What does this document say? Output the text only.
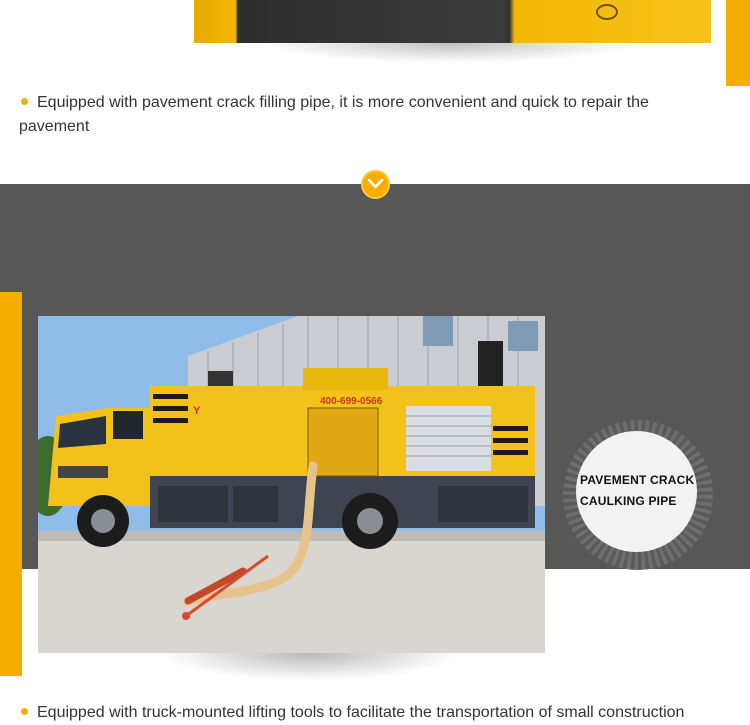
Equipped with pavement crack filling pipe, it is more convenient and quick to repair the pavement
400-699-0566
Y
PAVEMENT CRACK
CAULKING PIPE
Equipped with truck-mounted lifting tools to facilitate the transportation of small construction
